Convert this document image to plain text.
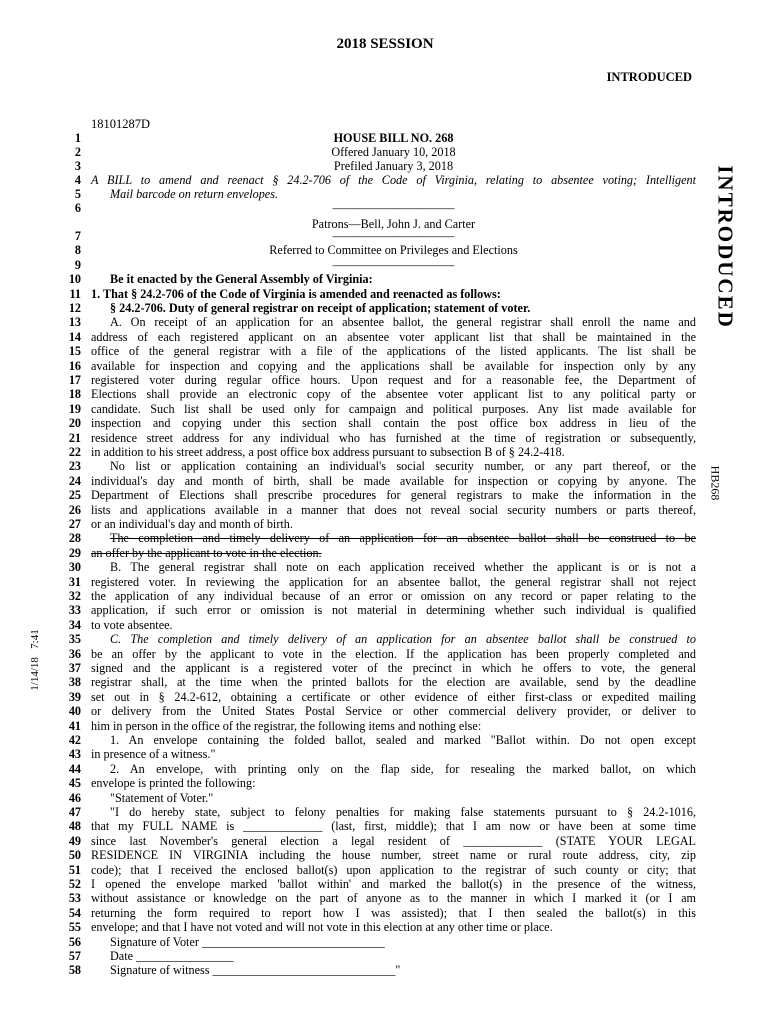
2018 SESSION
INTRODUCED
18101287D
INTRODUCED
HB268
1/14/18   7:41
1	HOUSE BILL NO. 268
2	Offered January 10, 2018
3	Prefiled January 3, 2018
4 A BILL to amend and reenact § 24.2-706 of the Code of Virginia, relating to absentee voting; Intelligent
5	Mail barcode on return envelopes.
6	——————————
Patrons—Bell, John J. and Carter
7	——————————
8	Referred to Committee on Privileges and Elections
9	——————————
10	Be it enacted by the General Assembly of Virginia:
11 1. That § 24.2-706 of the Code of Virginia is amended and reenacted as follows:
12	§ 24.2-706. Duty of general registrar on receipt of application; statement of voter.
13	A. On receipt of an application for an absentee ballot, the general registrar shall enroll the name and
14 address of each registered applicant on an absentee voter applicant list that shall be maintained in the
15 office of the general registrar with a file of the applications of the listed applicants. The list shall be
16 available for inspection and copying and the applications shall be available for inspection only by any
17 registered voter during regular office hours. Upon request and for a reasonable fee, the Department of
18 Elections shall provide an electronic copy of the absentee voter applicant list to any political party or
19 candidate. Such list shall be used only for campaign and political purposes. Any list made available for
20 inspection and copying under this section shall contain the post office box address in lieu of the
21 residence street address for any individual who has furnished at the time of registration or subsequently,
22 in addition to his street address, a post office box address pursuant to subsection B of § 24.2-418.
23	No list or application containing an individual's social security number, or any part thereof, or the
24 individual's day and month of birth, shall be made available for inspection or copying by anyone. The
25 Department of Elections shall prescribe procedures for general registrars to make the information in the
26 lists and applications available in a manner that does not reveal social security numbers or parts thereof,
27 or an individual's day and month of birth.
28	The completion and timely delivery of an application for an absentee ballot shall be construed to be
29 an offer by the applicant to vote in the election.
30	B. The general registrar shall note on each application received whether the applicant is or is not a
31 registered voter. In reviewing the application for an absentee ballot, the general registrar shall not reject
32 the application of any individual because of an error or omission on any record or paper relating to the
33 application, if such error or omission is not material in determining whether such individual is qualified
34 to vote absentee.
35	C. The completion and timely delivery of an application for an absentee ballot shall be construed to
36 be an offer by the applicant to vote in the election. If the application has been properly completed and
37 signed and the applicant is a registered voter of the precinct in which he offers to vote, the general
38 registrar shall, at the time when the printed ballots for the election are available, send by the deadline
39 set out in § 24.2-612, obtaining a certificate or other evidence of either first-class or expedited mailing
40 or delivery from the United States Postal Service or other commercial delivery provider, or deliver to
41 him in person in the office of the registrar, the following items and nothing else:
42	1. An envelope containing the folded ballot, sealed and marked "Ballot within. Do not open except
43 in presence of a witness."
44	2. An envelope, with printing only on the flap side, for resealing the marked ballot, on which
45 envelope is printed the following:
46	"Statement of Voter."
47	"I do hereby state, subject to felony penalties for making false statements pursuant to § 24.2-1016,
48 that my FULL NAME is _____________ (last, first, middle); that I am now or have been at some time
49 since last November's general election a legal resident of _____________ (STATE YOUR LEGAL
50 RESIDENCE IN VIRGINIA including the house number, street name or rural route address, city, zip
51 code); that I received the enclosed ballot(s) upon application to the registrar of such county or city; that
52 I opened the envelope marked 'ballot within' and marked the ballot(s) in the presence of the witness,
53 without assistance or knowledge on the part of anyone as to the manner in which I marked it (or I am
54 returning the form required to report how I was assisted); that I then sealed the ballot(s) in this
55 envelope; and that I have not voted and will not vote in this election at any other time or place.
56	Signature of Voter ______________________________
57	Date ________________
58	Signature of witness ______________________________"
